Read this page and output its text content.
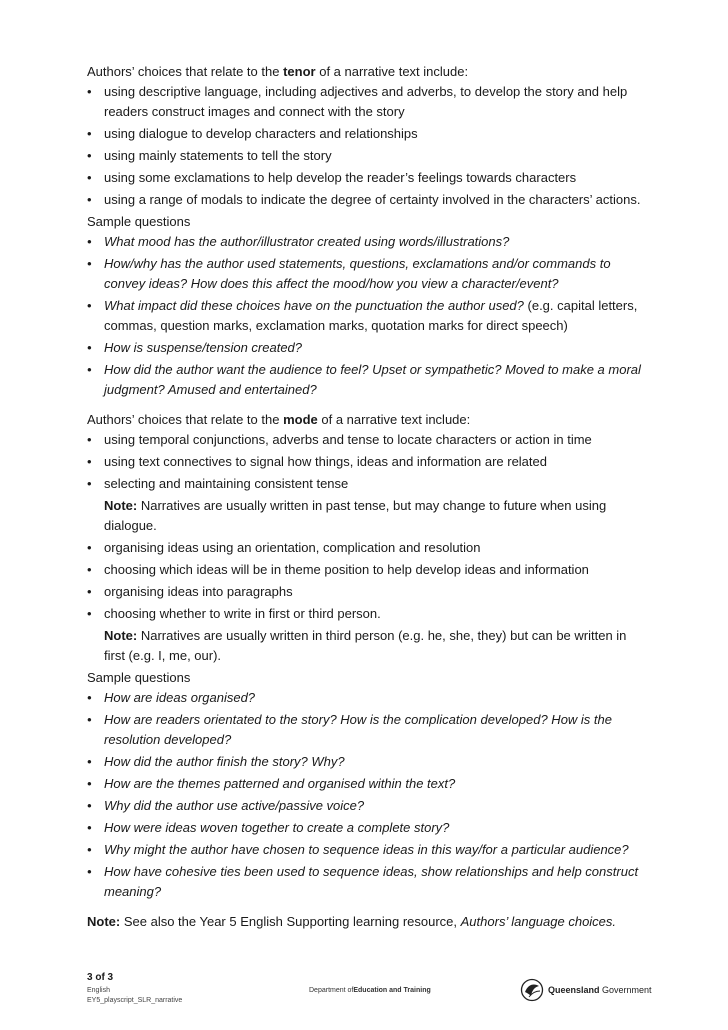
Authors’ choices that relate to the tenor of a narrative text include:

• using descriptive language, including adjectives and adverbs, to develop the story and help readers construct images and connect with the story
• using dialogue to develop characters and relationships
• using mainly statements to tell the story
• using some exclamations to help develop the reader’s feelings towards characters
• using a range of modals to indicate the degree of certainty involved in the characters’ actions.

Sample questions

• What mood has the author/illustrator created using words/illustrations?
• How/why has the author used statements, questions, exclamations and/or commands to convey ideas? How does this affect the mood/how you view a character/event?
• What impact did these choices have on the punctuation the author used? (e.g. capital letters, commas, question marks, exclamation marks, quotation marks for direct speech)
• How is suspense/tension created?
• How did the author want the audience to feel? Upset or sympathetic? Moved to make a moral judgment? Amused and entertained?

Authors’ choices that relate to the mode of a narrative text include:

• using temporal conjunctions, adverbs and tense to locate characters or action in time
• using text connectives to signal how things, ideas and information are related
• selecting and maintaining consistent tense

Note: Narratives are usually written in past tense, but may change to future when using dialogue.

• organising ideas using an orientation, complication and resolution
• choosing which ideas will be in theme position to help develop ideas and information
• organising ideas into paragraphs
• choosing whether to write in first or third person.

Note: Narratives are usually written in third person (e.g. he, she, they) but can be written in first (e.g. I, me, our).

Sample questions

• How are ideas organised?
• How are readers orientated to the story? How is the complication developed? How is the resolution developed?
• How did the author finish the story? Why?
• How are the themes patterned and organised within the text?
• Why did the author use active/passive voice?
• How were ideas woven together to create a complete story?
• Why might the author have chosen to sequence ideas in this way/for a particular audience?
• How have cohesive ties been used to sequence ideas, show relationships and help construct meaning?

Note: See also the Year 5 English Supporting learning resource, Authors’ language choices.

3 of 3
English
EY5_playscript_SLR_narrative
Department ofEducation and Training	Queensland Government
